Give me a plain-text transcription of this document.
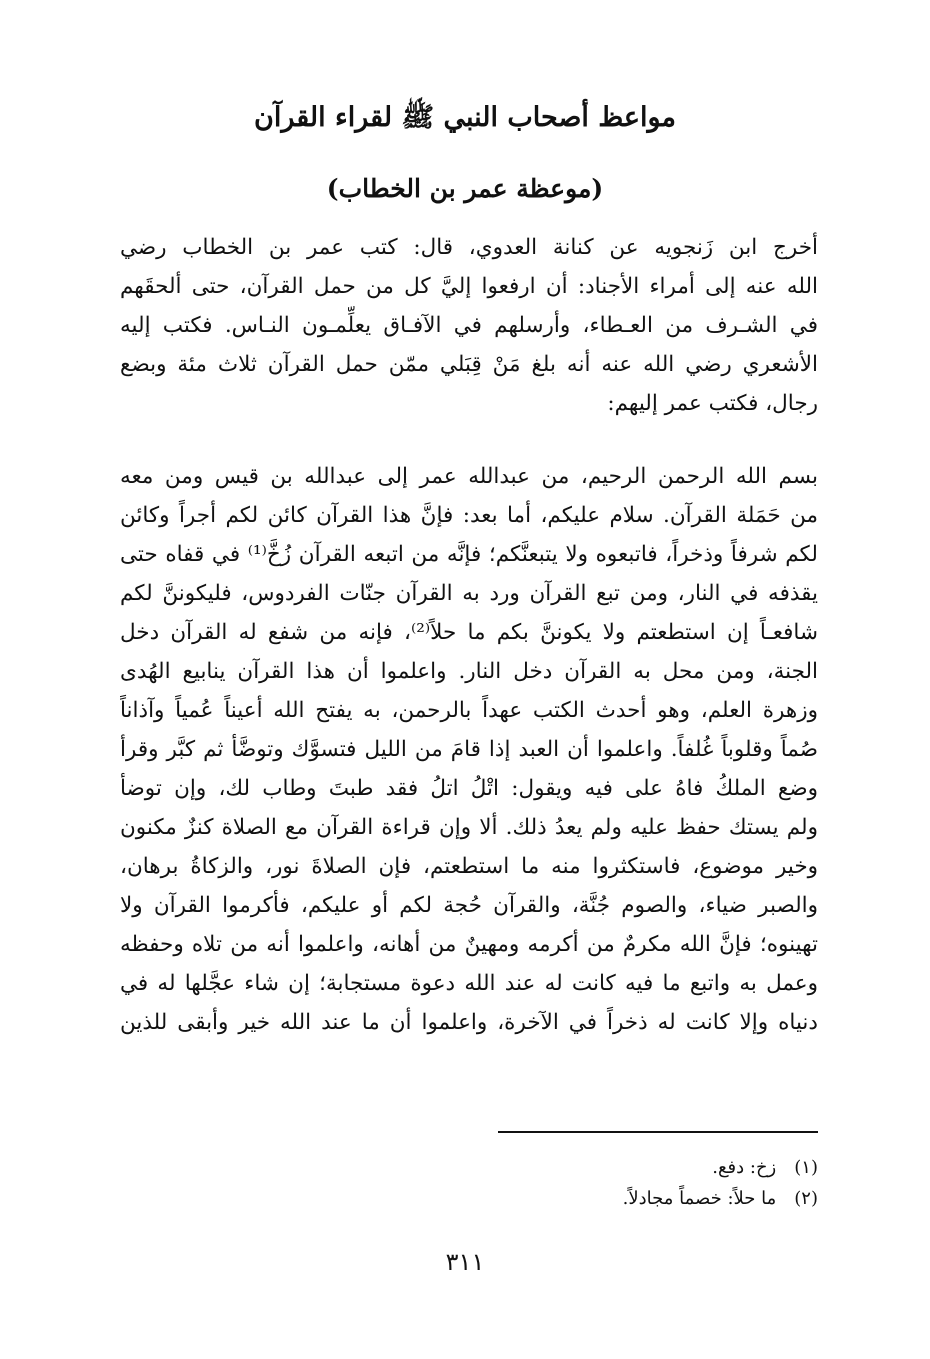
مواعظ أصحاب النبي ﷺ لقراء القرآن
(موعظة عمر بن الخطاب)
أخرج ابن زَنجويه عن كنانة العدوي، قال: كتب عمر بن الخطاب رضي
الله عنه إلى أمراء الأجناد: أن ارفعوا إليَّ كل من حمل القرآن، حتى ألحقَهم
في الشـرف من العـطاء، وأرسلهم في الآفـاق يعلِّمـون النـاس. فكتب إليه
الأشعري رضي الله عنه أنه بلغ مَنْ قِبَلي ممّن حمل القرآن ثلاث مئة وبضع
رجال، فكتب عمر إليهم:
بسم الله الرحمن الرحيم، من عبدالله عمر إلى عبدالله بن قيس ومن معه
من حَمَلة القرآن. سلام عليكم، أما بعد: فإنَّ هذا القرآن كائن لكم أجراً وكائن
لكم شرفاً وذخراً، فاتبعوه ولا يتبعنَّكم؛ فإنَّه من اتبعه القرآن زُخَّ⁽¹⁾ في قفاه حتى
يقذفه في النار، ومن تبع القرآن ورد به القرآن جنّات الفردوس، فليكوننَّ لكم
شافعـاً إن استطعتم ولا يكوننَّ بكم ما حلاً⁽²⁾، فإنه من شفع له القرآن دخل
الجنة، ومن محل به القرآن دخل النار. واعلموا أن هذا القرآن ينابيع الهُدى
وزهرة العلم، وهو أحدث الكتب عهداً بالرحمن، به يفتح الله أعيناً عُمياً وآذاناً
صُماً وقلوباً غُلفاً. واعلموا أن العبد إذا قامَ من الليل فتسوَّك وتوضَّأ ثم كبَّر وقرأ
وضع الملكُ فاهُ على فيه ويقول: اتْلُ اتلُ فقد طبتَ وطاب لك، وإن توضأ
ولم يستك حفظ عليه ولم يعدُ ذلك. ألا وإن قراءة القرآن مع الصلاة كنزٌ مكنون
وخير موضوع، فاستكثروا منه ما استطعتم، فإن الصلاةَ نور، والزكاةُ برهان،
والصبر ضياء، والصوم جُنَّة، والقرآن حُجة لكم أو عليكم، فأكرموا القرآن ولا
تهينوه؛ فإنَّ الله مكرمٌ من أكرمه ومهينٌ من أهانه، واعلموا أنه من تلاه وحفظه
وعمل به واتبع ما فيه كانت له عند الله دعوة مستجابة؛ إن شاء عجَّلها له في
دنياه وإلا كانت له ذخراً في الآخرة، واعلموا أن ما عند الله خير وأبقى للذين
(١)زخ: دفع.
(٢)ما حلاً: خصماً مجادلاً.
٣١١
